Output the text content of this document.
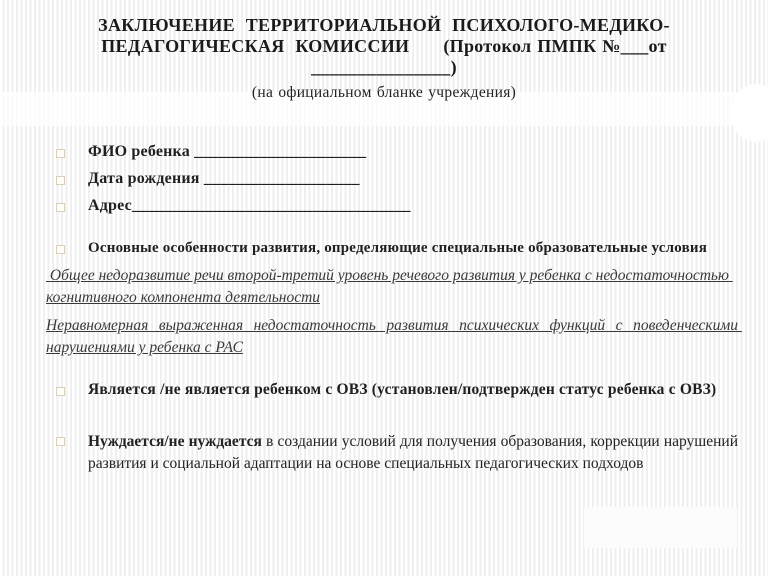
ЗАКЛЮЧЕНИЕ ТЕРРИТОРИАЛЬНОЙ ПСИХОЛОГО-МЕДИКО-
ПЕДАГОГИЧЕСКАЯ КОМИССИИ (Протокол ПМПК №___от _______________)
(на официальном бланке учреждения)
ФИО ребенка _____________________
Дата рождения ___________________
Адрес__________________________________
Основные особенности развития, определяющие специальные образовательные условия

Общее недоразвитие речи второй-третий уровень речевого развития у ребенка с недостаточностью когнитивного компонента деятельности

Неравномерная выраженная недостаточность развития психических функций с поведенческими нарушениями у ребенка с РАС

Является /не является ребенком с ОВЗ (установлен/подтвержден статус ребенка с ОВЗ)
Нуждается/не нуждается в создании условий для получения образования, коррекции нарушений развития и социальной адаптации на основе специальных педагогических подходов
